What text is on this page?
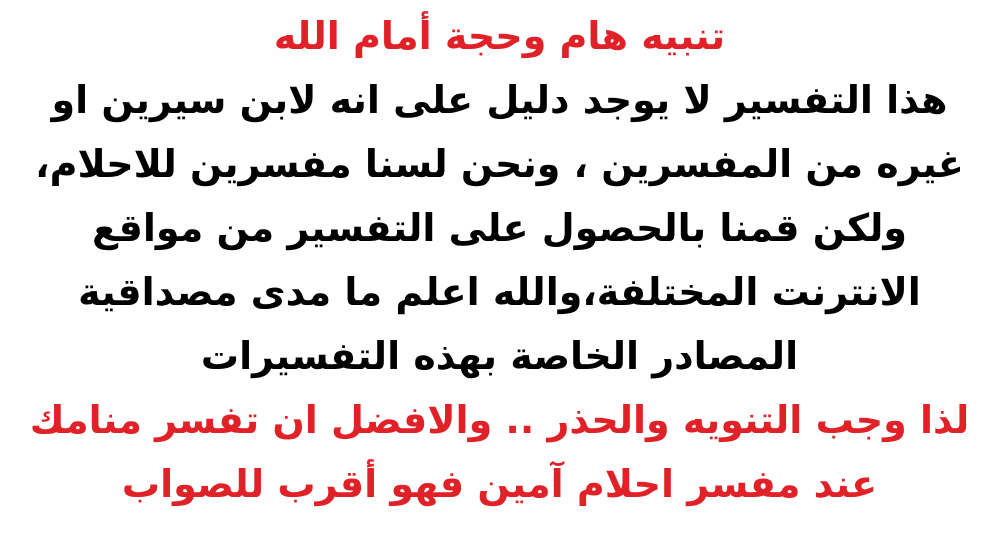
تنبيه هام وحجة أمام الله
هذا التفسير لا يوجد دليل على انه لابن سيرين او
غيره من المفسرين ، ونحن لسنا مفسرين للاحلام،
ولكن قمنا بالحصول على التفسير من مواقع
الانترنت المختلفة،والله اعلم ما مدى مصداقية
المصادر الخاصة بهذه التفسيرات
لذا وجب التنويه والحذر .. والافضل ان تفسر منامك
عند مفسر احلام آمين فهو أقرب للصواب
